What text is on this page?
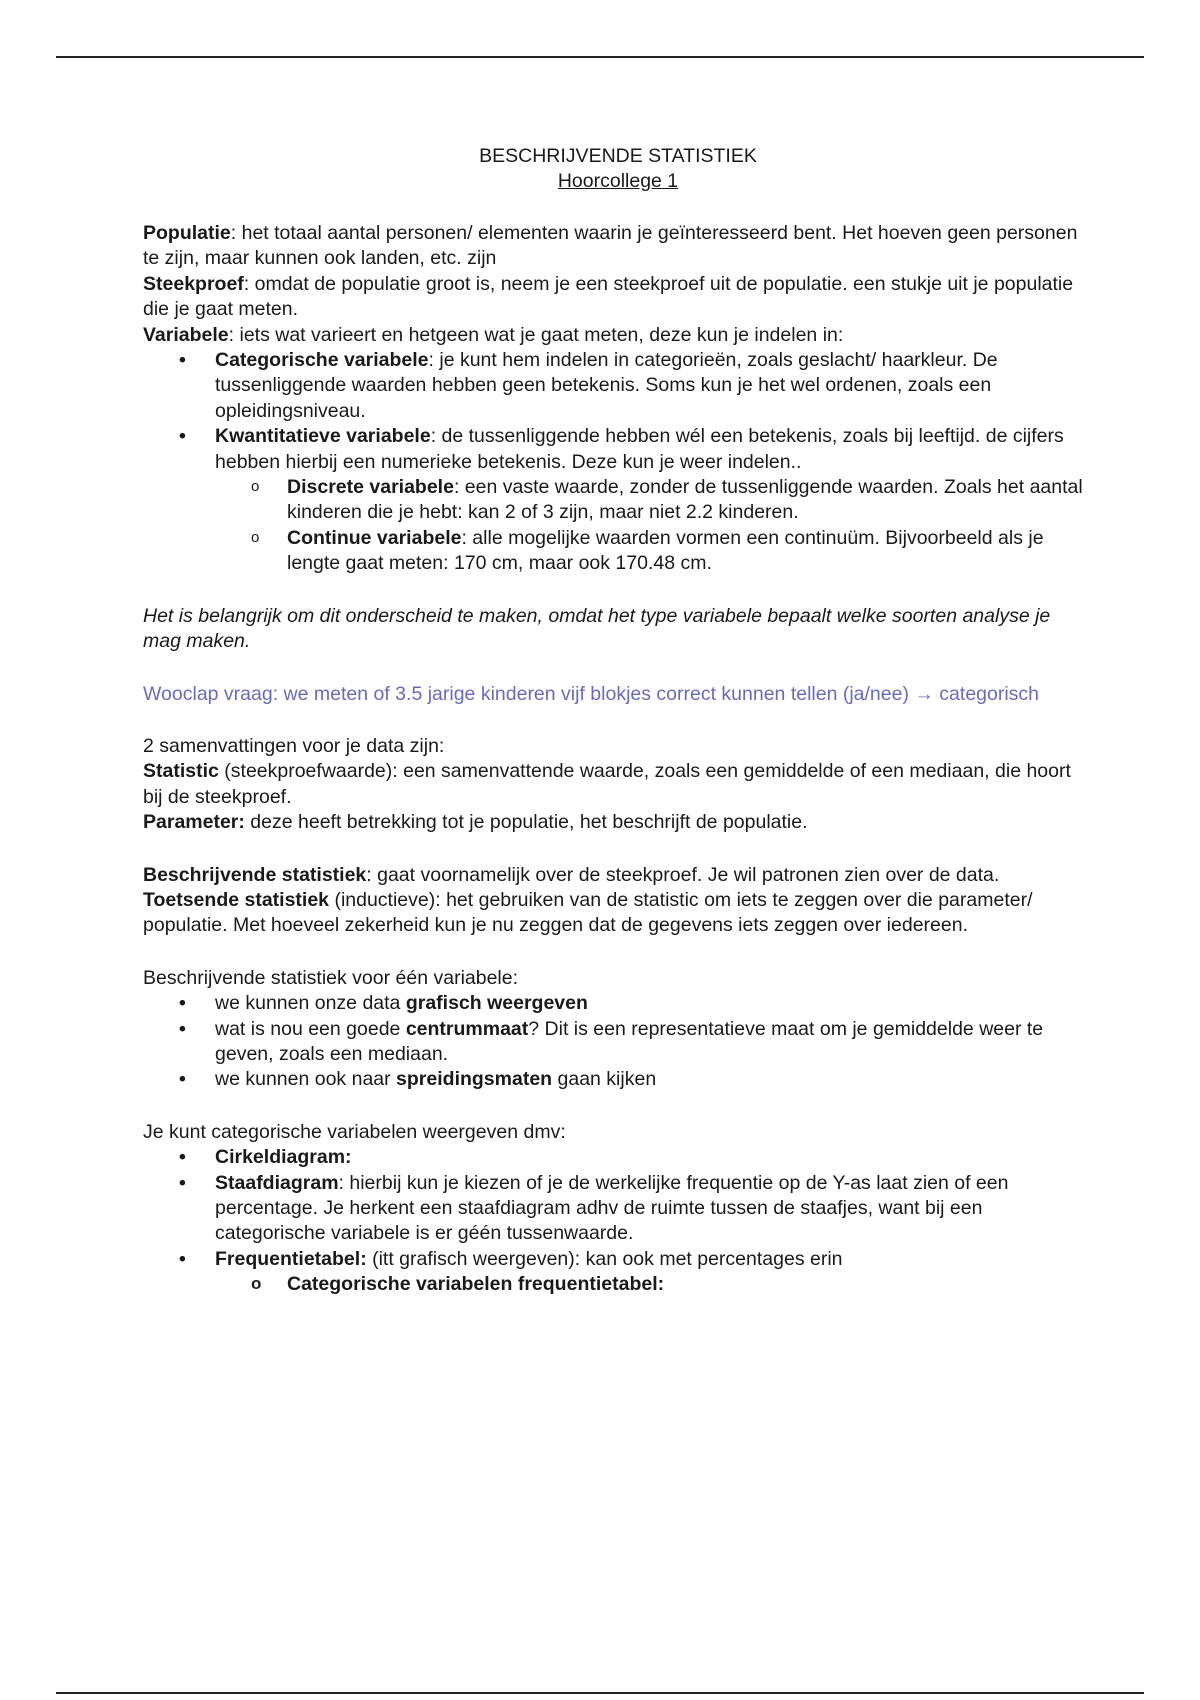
BESCHRIJVENDE STATISTIEK

Hoorcollege 1

Populatie: het totaal aantal personen/ elementen waarin je geïnteresseerd bent. Het hoeven geen personen te zijn, maar kunnen ook landen, etc. zijn

Steekproef: omdat de populatie groot is, neem je een steekproef uit de populatie. een stukje uit je populatie die je gaat meten.

Variabele: iets wat varieert en hetgeen wat je gaat meten, deze kun je indelen in:

• Categorische variabele: je kunt hem indelen in categorieën, zoals geslacht/ haarkleur. De tussenliggende waarden hebben geen betekenis. Soms kun je het wel ordenen, zoals een opleidingsniveau.
• Kwantitatieve variabele: de tussenliggende hebben wél een betekenis, zoals bij leeftijd. de cijfers hebben hierbij een numerieke betekenis. Deze kun je weer indelen..
o Discrete variabele: een vaste waarde, zonder de tussenliggende waarden. Zoals het aantal kinderen die je hebt: kan 2 of 3 zijn, maar niet 2.2 kinderen.
o Continue variabele: alle mogelijke waarden vormen een continuüm. Bijvoorbeeld als je lengte gaat meten: 170 cm, maar ook 170.48 cm.

Het is belangrijk om dit onderscheid te maken, omdat het type variabele bepaalt welke soorten analyse je mag maken.

Wooclap vraag: we meten of 3.5 jarige kinderen vijf blokjes correct kunnen tellen (ja/nee) → categorisch

2 samenvattingen voor je data zijn:

Statistic (steekproefwaarde): een samenvattende waarde, zoals een gemiddelde of een mediaan, die hoort bij de steekproef.

Parameter: deze heeft betrekking tot je populatie, het beschrijft de populatie.

Beschrijvende statistiek: gaat voornamelijk over de steekproef. Je wil patronen zien over de data.

Toetsende statistiek (inductieve): het gebruiken van de statistic om iets te zeggen over die parameter/ populatie. Met hoeveel zekerheid kun je nu zeggen dat de gegevens iets zeggen over iedereen.

Beschrijvende statistiek voor één variabele:

• we kunnen onze data grafisch weergeven
• wat is nou een goede centrummaat? Dit is een representatieve maat om je gemiddelde weer te geven, zoals een mediaan.
• we kunnen ook naar spreidingsmaten gaan kijken

Je kunt categorische variabelen weergeven dmv:

• Cirkeldiagram:
• Staafdiagram: hierbij kun je kiezen of je de werkelijke frequentie op de Y-as laat zien of een percentage. Je herkent een staafdiagram adhv de ruimte tussen de staafjes, want bij een categorische variabele is er géén tussenwaarde.
• Frequentietabel: (itt grafisch weergeven): kan ook met percentages erin
o Categorische variabelen frequentietabel:
